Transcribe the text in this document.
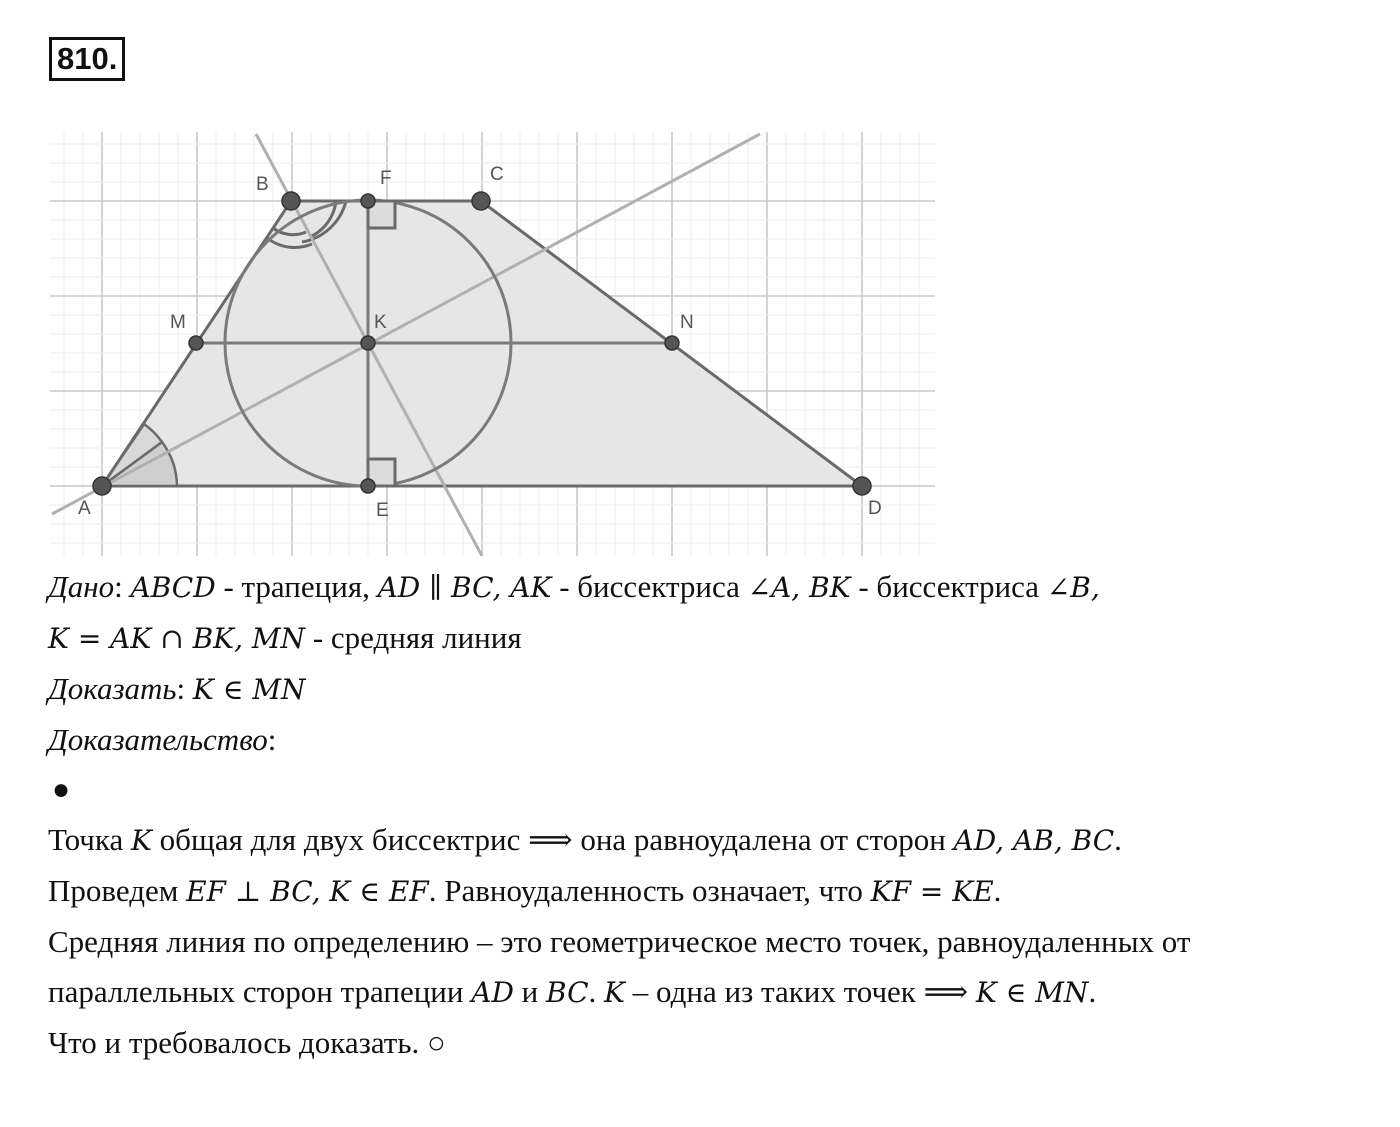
810.
A
B	C
D
F
E
M	K	N
Дано: ABCD - трапеция, AD ∥ BC, AK - биссектриса ∠A, BK - биссектриса ∠B,
K = AK ∩ BK, MN - средняя линия
Доказать: K ∈ MN
Доказательство:
●
Точка K общая для двух биссектрис ⟹ она равноудалена от сторон AD, AB, BC.
Проведем EF ⊥ BC, K ∈ EF. Равноудаленность означает, что KF = KE.
Средняя линия по определению – это геометрическое место точек, равноудаленных от
параллельных сторон трапеции AD и BC. K – одна из таких точек ⟹ K ∈ MN.
Что и требовалось доказать. ○
